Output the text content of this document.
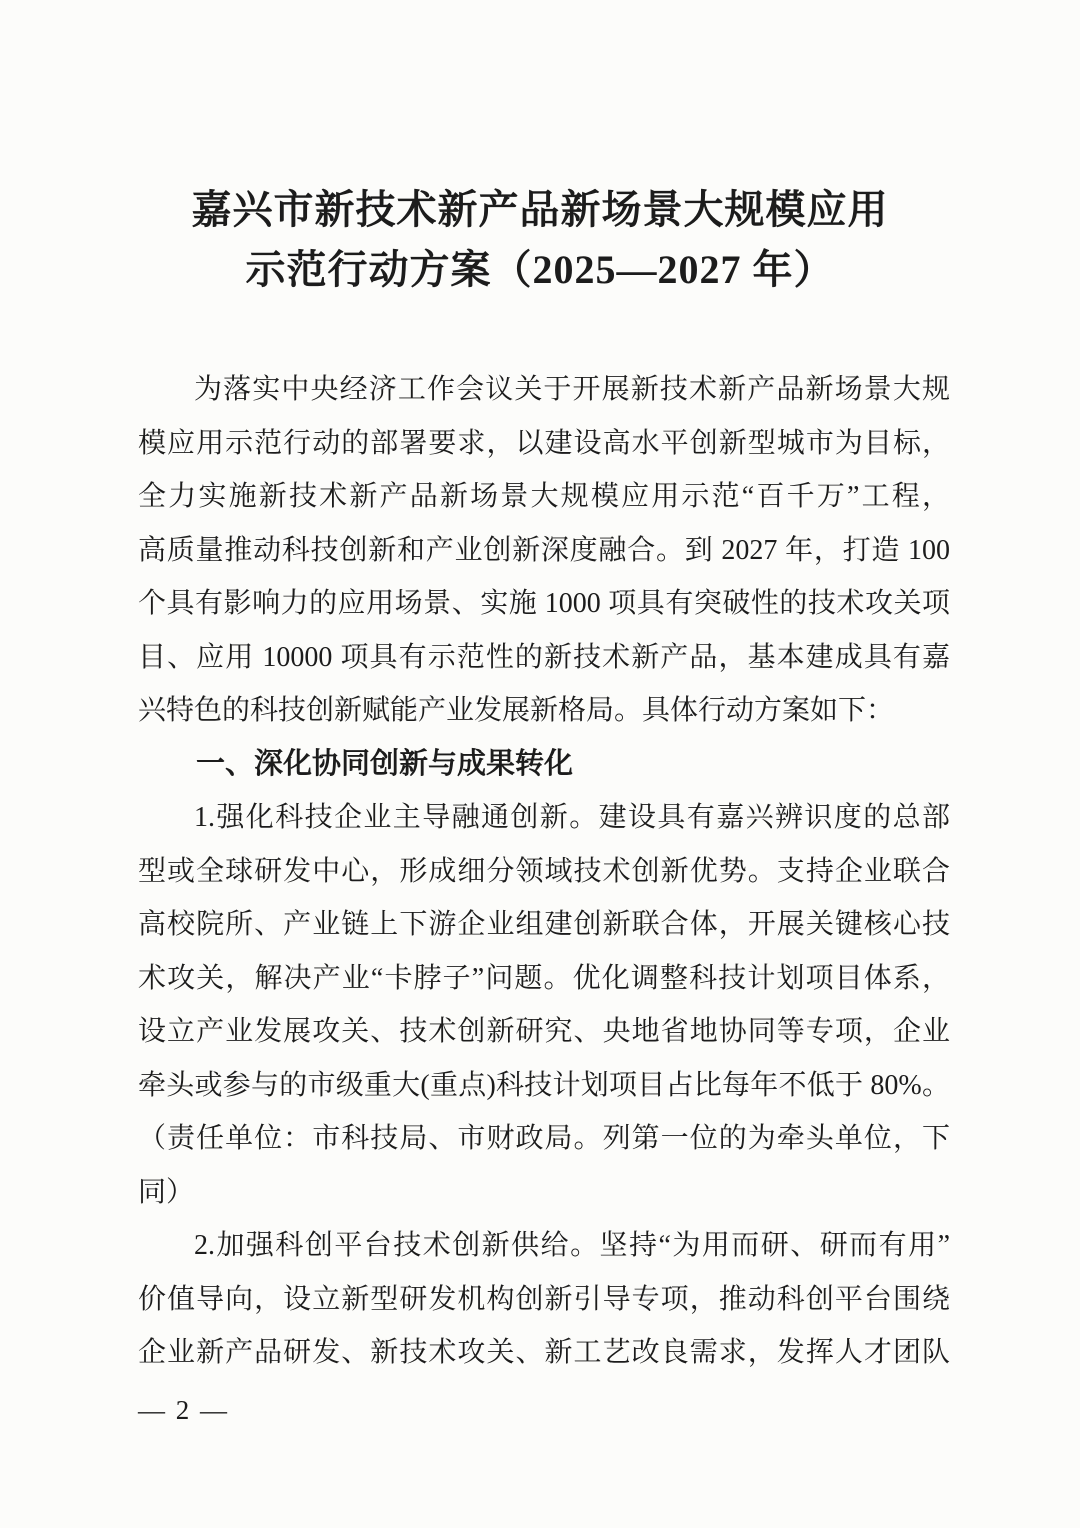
嘉兴市新技术新产品新场景大规模应用
示范行动方案（2025—2027 年）
为落实中央经济工作会议关于开展新技术新产品新场景大规
模应用示范行动的部署要求，以建设高水平创新型城市为目标，
全力实施新技术新产品新场景大规模应用示范“百千万”工程，
高质量推动科技创新和产业创新深度融合。到 2027 年，打造 100
个具有影响力的应用场景、实施 1000 项具有突破性的技术攻关项
目、应用 10000 项具有示范性的新技术新产品，基本建成具有嘉
兴特色的科技创新赋能产业发展新格局。具体行动方案如下：
一、深化协同创新与成果转化
1.强化科技企业主导融通创新。建设具有嘉兴辨识度的总部
型或全球研发中心，形成细分领域技术创新优势。支持企业联合
高校院所、产业链上下游企业组建创新联合体，开展关键核心技
术攻关，解决产业“卡脖子”问题。优化调整科技计划项目体系，
设立产业发展攻关、技术创新研究、央地省地协同等专项，企业
牵头或参与的市级重大(重点)科技计划项目占比每年不低于 80%。
（责任单位：市科技局、市财政局。列第一位的为牵头单位，下
同）
2.加强科创平台技术创新供给。坚持“为用而研、研而有用”
价值导向，设立新型研发机构创新引导专项，推动科创平台围绕
企业新产品研发、新技术攻关、新工艺改良需求，发挥人才团队
— 2 —
